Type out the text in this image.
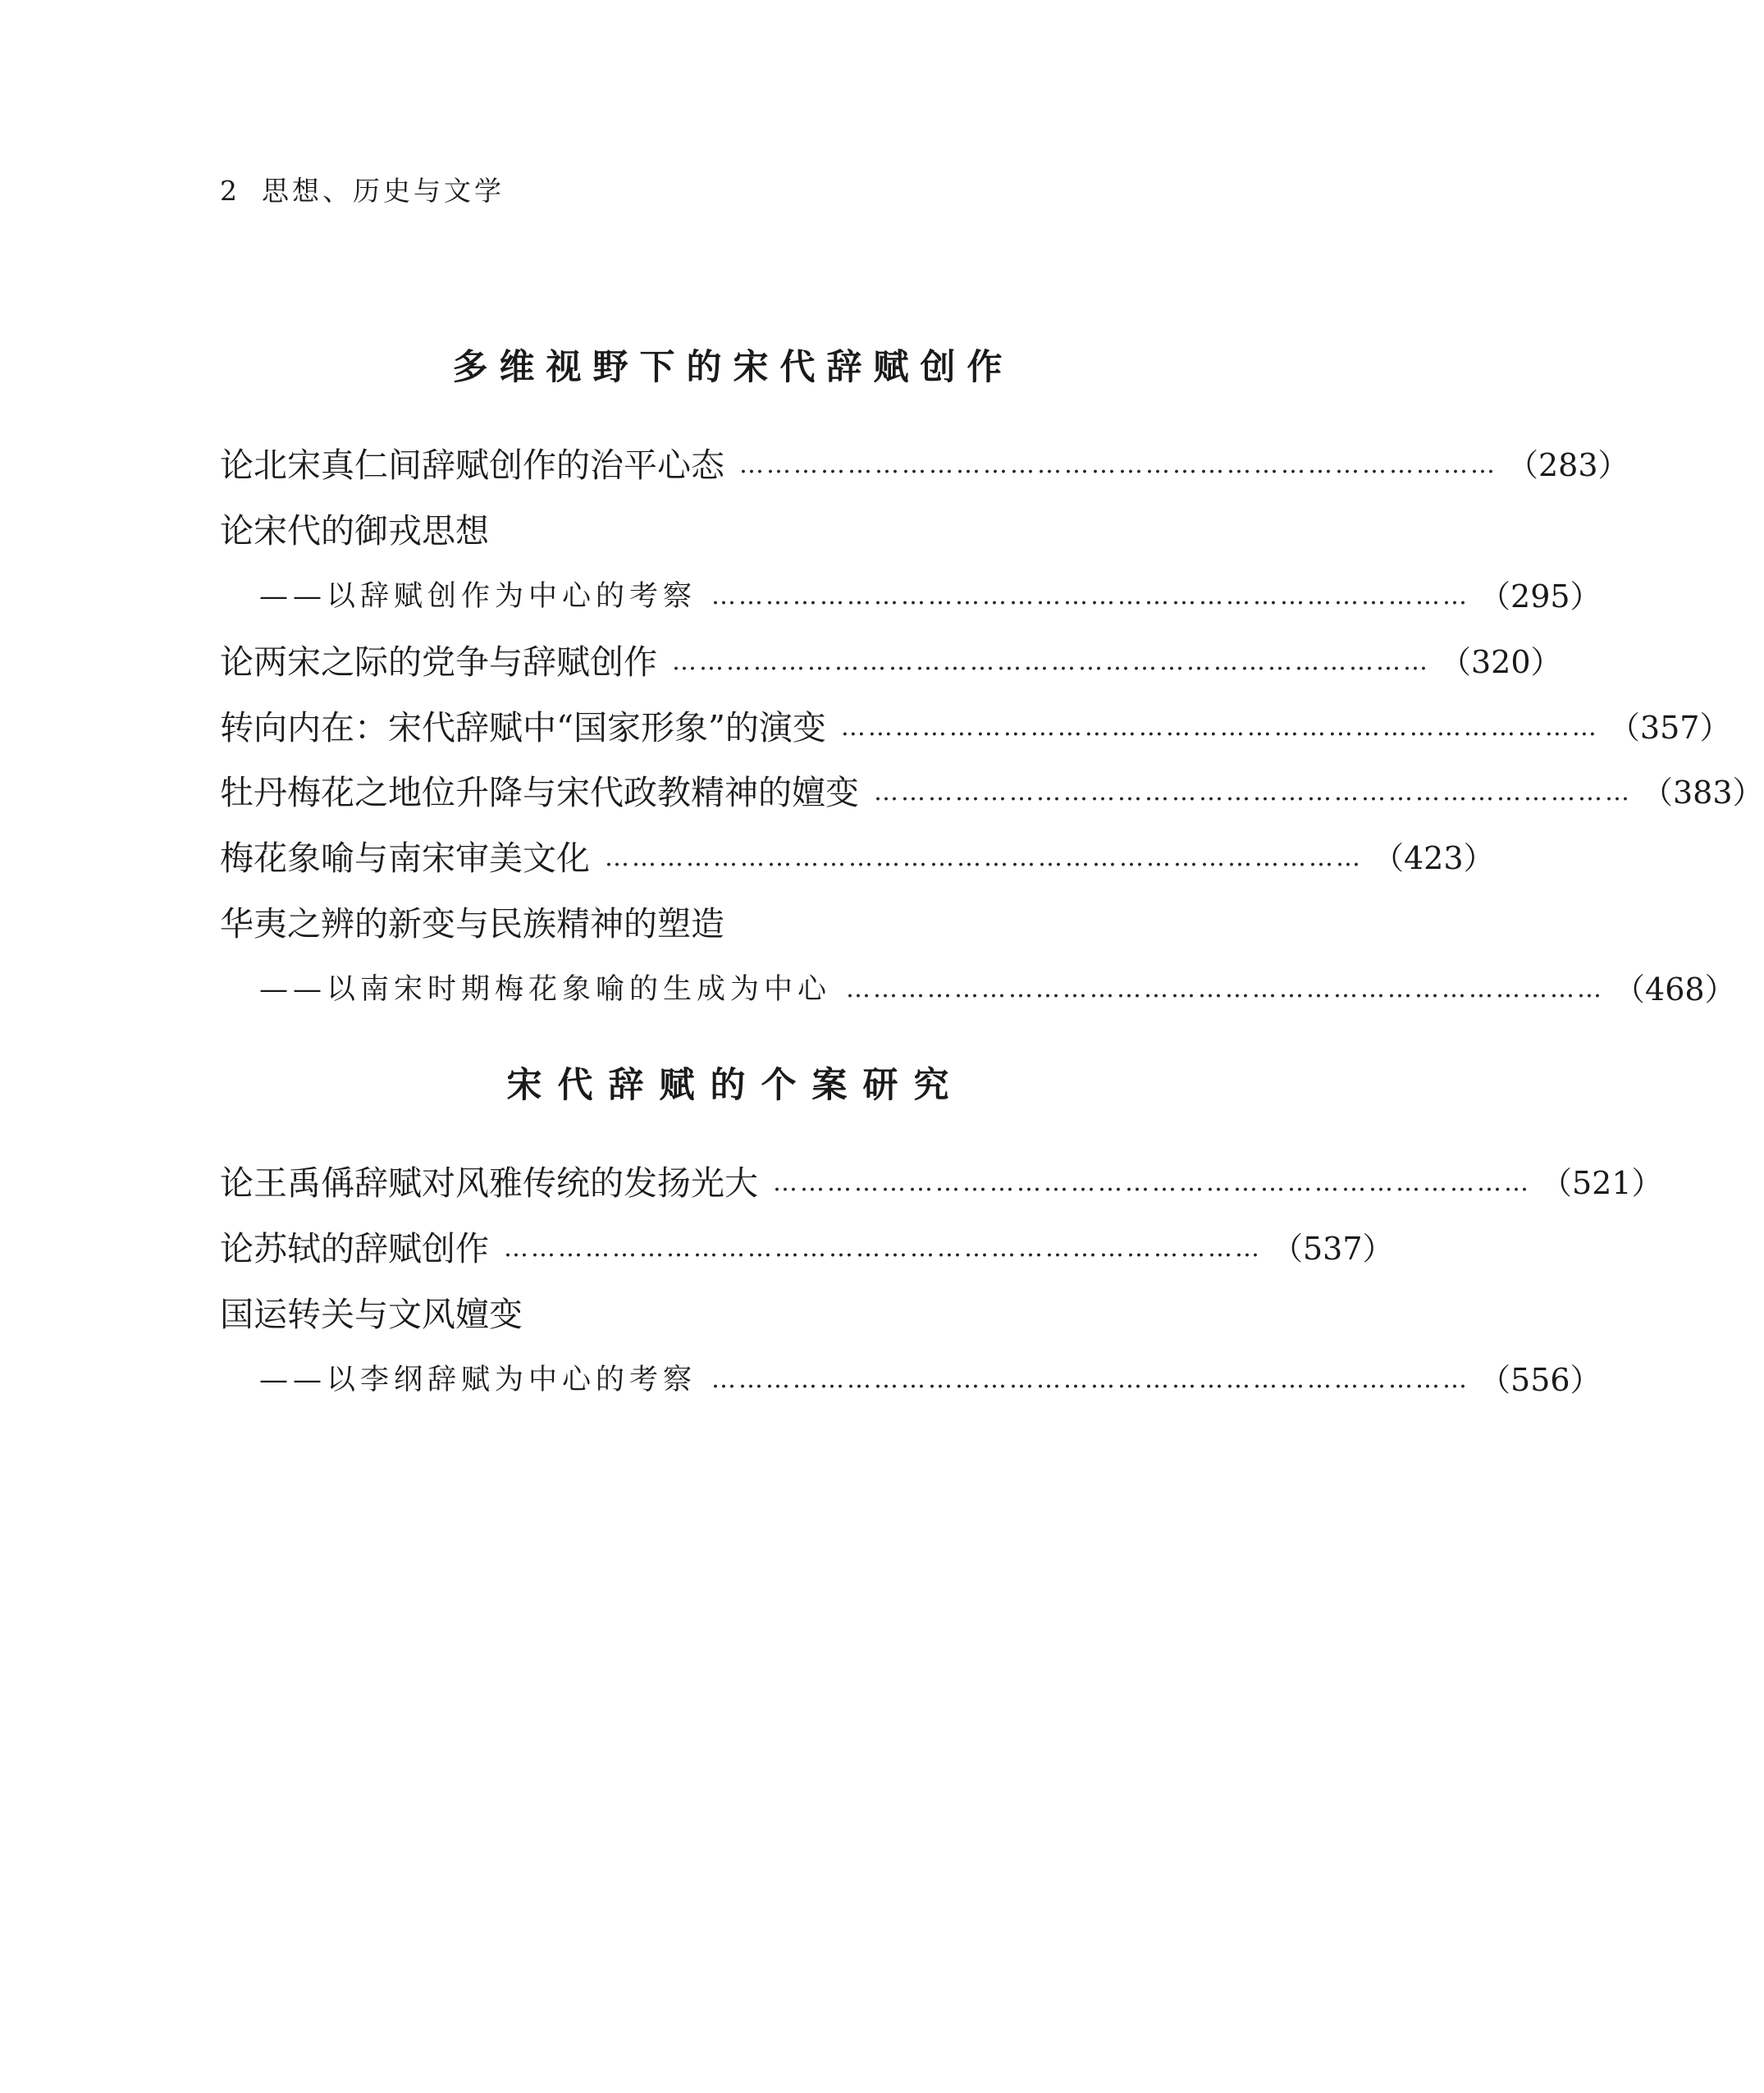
2 思想、历史与文学
多维视野下的宋代辞赋创作
论北宋真仁间辞赋创作的治平心态 ………………………………………………………………………… （283）
论宋代的御戎思想
——以辞赋创作为中心的考察 ………………………………………………………………………… （295）
论两宋之际的党争与辞赋创作 ………………………………………………………………………… （320）
转向内在：宋代辞赋中“国家形象”的演变 ………………………………………………………………………… （357）
牡丹梅花之地位升降与宋代政教精神的嬗变 ………………………………………………………………………… （383）
梅花象喻与南宋审美文化 ………………………………………………………………………… （423）
华夷之辨的新变与民族精神的塑造
——以南宋时期梅花象喻的生成为中心 ………………………………………………………………………… （468）
宋代辞赋的个案研究
论王禹偁辞赋对风雅传统的发扬光大 ………………………………………………………………………… （521）
论苏轼的辞赋创作 ………………………………………………………………………… （537）
国运转关与文风嬗变
——以李纲辞赋为中心的考察 ………………………………………………………………………… （556）
